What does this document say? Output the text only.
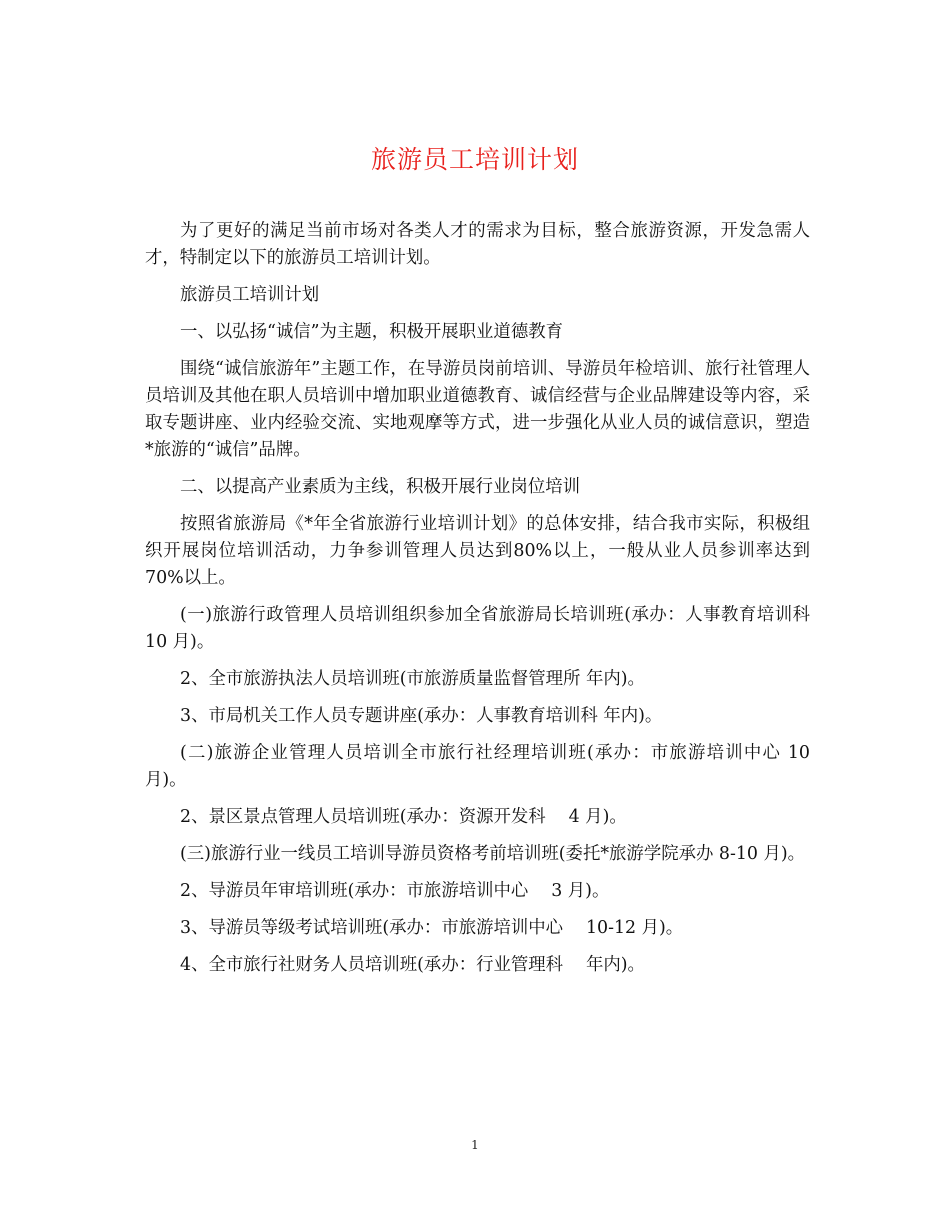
旅游员工培训计划

为了更好的满足当前市场对各类人才的需求为目标，整合旅游资源，开发急需人才，特制定以下的旅游员工培训计划。

旅游员工培训计划

一、以弘扬“诚信”为主题，积极开展职业道德教育

围绕“诚信旅游年”主题工作，在导游员岗前培训、导游员年检培训、旅行社管理人员培训及其他在职人员培训中增加职业道德教育、诚信经营与企业品牌建设等内容，采取专题讲座、业内经验交流、实地观摩等方式，进一步强化从业人员的诚信意识，塑造*旅游的“诚信”品牌。

二、以提高产业素质为主线，积极开展行业岗位培训

按照省旅游局《*年全省旅游行业培训计划》的总体安排，结合我市实际，积极组织开展岗位培训活动，力争参训管理人员达到80%以上，一般从业人员参训率达到70%以上。

(一)旅游行政管理人员培训组织参加全省旅游局长培训班(承办：人事教育培训科 10 月)。

2、全市旅游执法人员培训班(市旅游质量监督管理所 年内)。

3、市局机关工作人员专题讲座(承办：人事教育培训科 年内)。

(二)旅游企业管理人员培训全市旅行社经理培训班(承办：市旅游培训中心 10 月)。

2、景区景点管理人员培训班(承办：资源开发科　 4 月)。

(三)旅游行业一线员工培训导游员资格考前培训班(委托*旅游学院承办 8-10 月)。

2、导游员年审培训班(承办：市旅游培训中心　 3 月)。

3、导游员等级考试培训班(承办：市旅游培训中心　 10-12 月)。

4、全市旅行社财务人员培训班(承办：行业管理科　 年内)。

1
